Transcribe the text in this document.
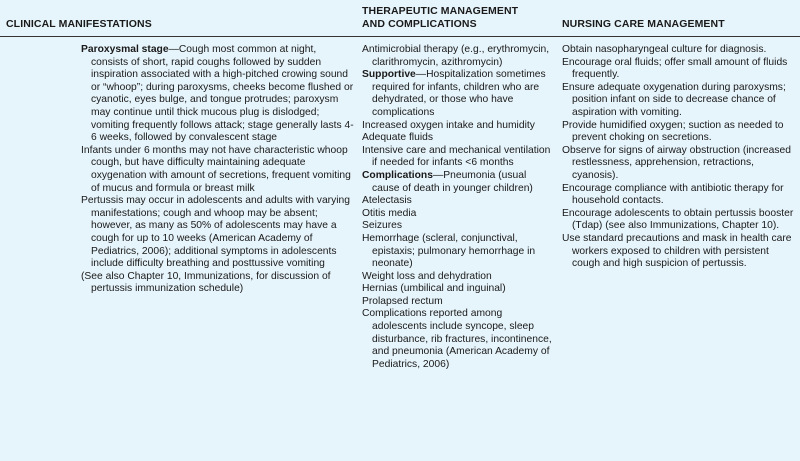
CLINICAL MANIFESTATIONS
THERAPEUTIC MANAGEMENT
AND COMPLICATIONS	NURSING CARE MANAGEMENT

Paroxysmal stage—Cough most common at night, consists of short, rapid coughs followed by sudden inspiration associated with a high-pitched crowing sound or “whoop”; during paroxysms, cheeks become flushed or cyanotic, eyes bulge, and tongue protrudes; paroxysm may continue until thick mucous plug is dislodged; vomiting frequently follows attack; stage generally lasts 4-6 weeks, followed by convalescent stage

Infants under 6 months may not have characteristic whoop cough, but have difficulty maintaining adequate oxygenation with amount of secretions, frequent vomiting of mucus and formula or breast milk

Pertussis may occur in adolescents and adults with varying manifestations; cough and whoop may be absent; however, as many as 50% of adolescents may have a cough for up to 10 weeks (American Academy of Pediatrics, 2006); additional symptoms in adolescents include difficulty breathing and posttussive vomiting

(See also Chapter 10, Immunizations, for discussion of pertussis immunization schedule)

Antimicrobial therapy (e.g., erythromycin, clarithromycin, azithromycin)

Supportive—Hospitalization sometimes required for infants, children who are dehydrated, or those who have complications

Increased oxygen intake and humidity

Adequate fluids

Intensive care and mechanical ventilation if needed for infants <6 months

Complications—Pneumonia (usual cause of death in younger children)

Atelectasis

Otitis media

Seizures

Hemorrhage (scleral, conjunctival, epistaxis; pulmonary hemorrhage in neonate)

Weight loss and dehydration

Hernias (umbilical and inguinal)

Prolapsed rectum

Complications reported among adolescents include syncope, sleep disturbance, rib fractures, incontinence, and pneumonia (American Academy of Pediatrics, 2006)

Obtain nasopharyngeal culture for diagnosis.

Encourage oral fluids; offer small amount of fluids frequently.

Ensure adequate oxygenation during paroxysms; position infant on side to decrease chance of aspiration with vomiting.

Provide humidified oxygen; suction as needed to prevent choking on secretions.

Observe for signs of airway obstruction (increased restlessness, apprehension, retractions, cyanosis).

Encourage compliance with antibiotic therapy for household contacts.

Encourage adolescents to obtain pertussis booster (Tdap) (see also Immunizations, Chapter 10).

Use standard precautions and mask in health care workers exposed to children with persistent cough and high suspicion of pertussis.
